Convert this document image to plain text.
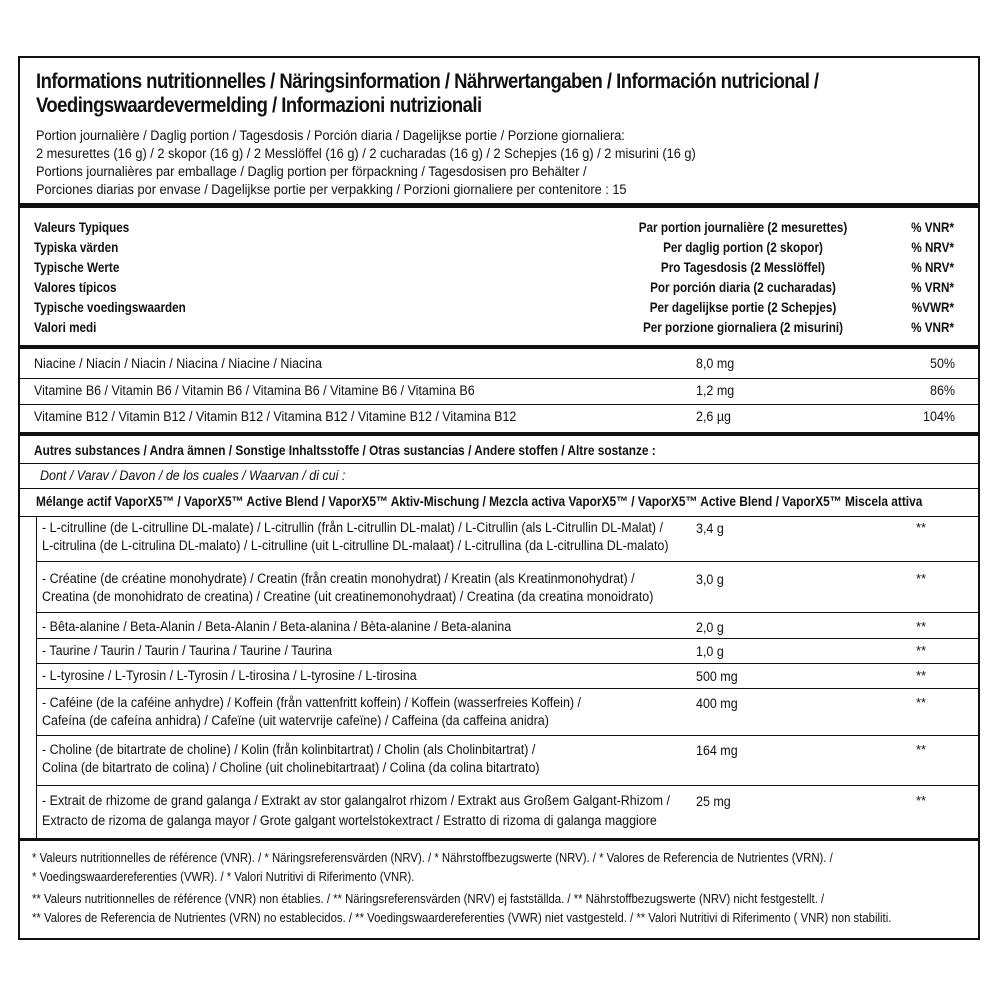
Informations nutritionnelles / Näringsinformation / Nährwertangaben / Información nutricional /
Voedingswaardevermelding / Informazioni nutrizionali
Portion journalière / Daglig portion / Tagesdosis / Porción diaria / Dagelijkse portie / Porzione giornaliera:
2 mesurettes (16 g) / 2 skopor (16 g) / 2 Messlöffel (16 g) / 2 cucharadas (16 g) / 2 Schepjes (16 g) / 2 misurini (16 g)
Portions journalières par emballage / Daglig portion per förpackning / Tagesdosisen pro Behälter /
Porciones diarias por envase / Dagelijkse portie per verpakking / Porzioni giornaliere per contenitore : 15
Valeurs Typiques	Par portion journalière (2 mesurettes)	% VNR*
Typiska värden	Per daglig portion (2 skopor)	% NRV*
Typische Werte	Pro Tagesdosis (2 Messlöffel)	% NRV*
Valores típicos	Por porción diaria (2 cucharadas)	% VRN*
Typische voedingswaarden	Per dagelijkse portie (2 Schepjes)	%VWR*
Valori medi	Per porzione giornaliera (2 misurini)	% VNR*
Niacine / Niacin / Niacin / Niacina / Niacine / Niacina	8,0 mg	50%
Vitamine B6 / Vitamin B6 / Vitamin B6 / Vitamina B6 / Vitamine B6 / Vitamina B6	1,2 mg	86%
Vitamine B12 / Vitamin B12 / Vitamin B12 / Vitamina B12 / Vitamine B12 / Vitamina B12	2,6 µg	104%
Autres substances / Andra ämnen / Sonstige Inhaltsstoffe / Otras sustancias / Andere stoffen / Altre sostanze :
Dont / Varav / Davon / de los cuales / Waarvan / di cui :
Mélange actif VaporX5™ / VaporX5™ Active Blend / VaporX5™ Aktiv-Mischung / Mezcla activa VaporX5™ / VaporX5™ Active Blend / VaporX5™ Miscela attiva
- L-citrulline (de L-citrulline DL-malate) / L-citrullin (från L-citrullin DL-malat) / L-Citrullin (als L-Citrullin DL-Malat) /
L-citrulina (de L-citrulina DL-malato) / L-citrulline (uit L-citrulline DL-malaat) / L-citrullina (da L-citrullina DL-malato)
3,4 g	**
- Créatine (de créatine monohydrate) / Creatin (från creatin monohydrat) / Kreatin (als Kreatinmonohydrat) /
Creatina (de monohidrato de creatina) / Creatine (uit creatinemonohydraat) / Creatina (da creatina monoidrato)
3,0 g	**
- Bêta-alanine / Beta-Alanin / Beta-Alanin / Beta-alanina / Bèta-alanine / Beta-alanina	2,0 g	**
- Taurine / Taurin / Taurin / Taurina / Taurine / Taurina	1,0 g	**
- L-tyrosine / L-Tyrosin / L-Tyrosin / L-tirosina / L-tyrosine / L-tirosina	500 mg	**
- Caféine (de la caféine anhydre) / Koffein (från vattenfritt koffein) / Koffein (wasserfreies Koffein) /
Cafeína (de cafeína anhidra) / Cafeïne (uit watervrije cafeïne) / Caffeina (da caffeina anidra)
400 mg	**
- Choline (de bitartrate de choline) / Kolin (från kolinbitartrat) / Cholin (als Cholinbitartrat) /
Colina (de bitartrato de colina) / Choline (uit cholinebitartraat) / Colina (da colina bitartrato)
164 mg	**
- Extrait de rhizome de grand galanga / Extrakt av stor galangalrot rhizom / Extrakt aus Großem Galgant-Rhizom /
Extracto de rizoma de galanga mayor / Grote galgant wortelstokextract / Estratto di rizoma di galanga maggiore
25 mg	**
* Valeurs nutritionnelles de référence (VNR). / * Näringsreferensvärden (NRV). / * Nährstoffbezugswerte (NRV). / * Valores de Referencia de Nutrientes (VRN). /
* Voedingswaardereferenties (VWR). / * Valori Nutritivi di Riferimento (VNR).
** Valeurs nutritionnelles de référence (VNR) non établies. / ** Näringsreferensvärden (NRV) ej fastställda. / ** Nährstoffbezugswerte (NRV) nicht festgestellt. /
** Valores de Referencia de Nutrientes (VRN) no establecidos. / ** Voedingswaardereferenties (VWR) niet vastgesteld. / ** Valori Nutritivi di Riferimento ( VNR) non stabiliti.
